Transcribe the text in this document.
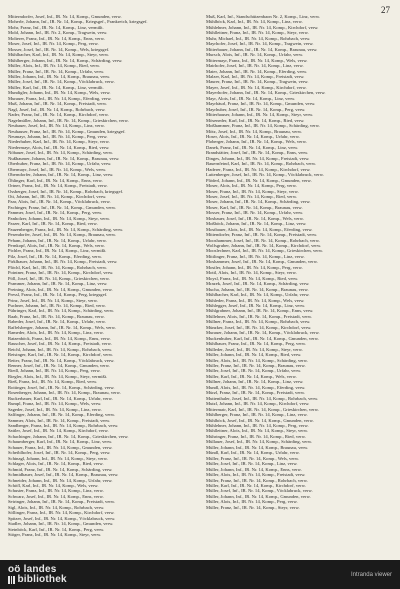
27
Mitterndorfer, Josef, Inf., IR. Nr. 14, Komp., Gmunden, verw.
Moherle, Johann, Inf., IR. Nr. 14, Komp., Kriegsgef., Frankreich, kriegsgef.
Mohr, Franz, Inf., IR. Nr. 14, Komp., Linz, vermißt.
Mold, Johann, Inf., IR. Nr. 2, Komp., Tragwein, verw.
Molterer, Franz, Inf., IR. Nr. 14, Komp., Enns, verw.
Moser, Josef, Inf., IR. Nr. 14, Komp., Perg, verw.
Mosser, Josef, Inf., IR. Nr. 14, Komp., Wels, kriegsgef.
Mühlbacher, Karl, Inf., IR. Nr. 14, Komp., Steyr, verw.
Mühlberger, Johann, Inf., IR. Nr. 14, Komp., Schärding, verw.
Müller, Alois, Inf., IR. Nr. 14, Komp., Ried, verw.
Müller, Franz, Inf., IR. Nr. 14, Komp., Urfahr, verw.
Müller, Johann, Inf., IR. Nr. 14, Komp., Braunau, verw.
Müller, Josef, Inf., IR. Nr. 14, Komp., Vöcklabruck, verw.
Müller, Karl, Inf., IR. Nr. 14, Komp., Linz, vermißt.
Mundigler, Johann, Inf., IR. Nr. 14, Komp., Wels, verw.
Murauer, Franz, Inf., IR. Nr. 14, Komp., Eferding, verw.
Muß, Johann, Inf., IR. Nr. 14, Komp., Freistadt, verw.
Nagl, Josef, Inf., IR. Nr. 14, Komp., Rohrbach, verw.
Nader, Franz, Inf., IR. Nr. 14, Komp., Kirchdorf, verw.
Nagelmüller, Johann, Inf., IR. Nr. 14, Komp., Grieskirchen, verw.
Neubauer, Josef, Inf., IR. Nr. 14, Komp., Linz, verw.
Neuhauser, Franz, Inf., IR. Nr. 14, Komp., Gmunden, kriegsgef.
Neumayr, Johann, Inf., IR. Nr. 14, Komp., Perg, verw.
Niederhuber, Karl, Inf., IR. Nr. 14, Komp., Steyr, verw.
Niedermayr, Alois, Inf., IR. Nr. 14, Komp., Ried, verw.
Nöbauer, Josef, Inf., IR. Nr. 14, Komp., Schärding, verw.
Nußbaumer, Johann, Inf., IR. Nr. 14, Komp., Braunau, verw.
Oberhuber, Franz, Inf., IR. Nr. 14, Komp., Urfahr, verw.
Obermayr, Josef, Inf., IR. Nr. 14, Komp., Wels, verw.
Oberndorfer, Johann, Inf., IR. Nr. 14, Komp., Linz, verw.
Öhlinger, Karl, Inf., IR. Nr. 14, Komp., Enns, verw.
Ortner, Franz, Inf., IR. Nr. 14, Komp., Freistadt, verw.
Ossberger, Josef, Inf., IR. Nr. 14, Komp., Rohrbach, kriegsgef.
Ott, Johann, Inf., IR. Nr. 14, Komp., Kirchdorf, verw.
Paar, Alois, Inf., IR. Nr. 14, Komp., Vöcklabruck, verw.
Pachinger, Franz, Inf., IR. Nr. 14, Komp., Gmunden, verw.
Pammer, Josef, Inf., IR. Nr. 14, Komp., Perg, verw.
Panholzer, Johann, Inf., IR. Nr. 14, Komp., Steyr, verw.
Parzer, Karl, Inf., IR. Nr. 14, Komp., Ried, verw.
Pauzenberger, Franz, Inf., IR. Nr. 14, Komp., Schärding, verw.
Pesendorfer, Josef, Inf., IR. Nr. 14, Komp., Braunau, verw.
Peham, Johann, Inf., IR. Nr. 14, Komp., Urfahr, verw.
Pernkopf, Alois, Inf., IR. Nr. 14, Komp., Wels, verw.
Pichler, Franz, Inf., IR. Nr. 14, Komp., Linz, vermißt.
Pilz, Josef, Inf., IR. Nr. 14, Komp., Eferding, verw.
Pirklbauer, Johann, Inf., IR. Nr. 14, Komp., Freistadt, verw.
Plöchl, Karl, Inf., IR. Nr. 14, Komp., Rohrbach, verw.
Pointner, Franz, Inf., IR. Nr. 14, Komp., Kirchdorf, verw.
Pöll, Josef, Inf., IR. Nr. 14, Komp., Grieskirchen, verw.
Prammer, Johann, Inf., IR. Nr. 14, Komp., Linz, verw.
Preining, Alois, Inf., IR. Nr. 14, Komp., Gmunden, verw.
Pressl, Franz, Inf., IR. Nr. 14, Komp., Perg, kriegsgef.
Prinz, Josef, Inf., IR. Nr. 14, Komp., Steyr, verw.
Puchner, Johann, Inf., IR. Nr. 14, Komp., Ried, verw.
Pühringer, Karl, Inf., IR. Nr. 14, Komp., Schärding, verw.
Raab, Franz, Inf., IR. Nr. 14, Komp., Braunau, verw.
Rabeder, Josef, Inf., IR. Nr. 14, Komp., Urfahr, verw.
Raffelsberger, Johann, Inf., IR. Nr. 14, Komp., Wels, verw.
Rameder, Alois, Inf., IR. Nr. 14, Komp., Linz, verw.
Ratzenböck, Franz, Inf., IR. Nr. 14, Komp., Enns, verw.
Rauscher, Josef, Inf., IR. Nr. 14, Komp., Freistadt, verw.
Reichl, Johann, Inf., IR. Nr. 14, Komp., Rohrbach, verw.
Reisinger, Karl, Inf., IR. Nr. 14, Komp., Kirchdorf, verw.
Reiter, Franz, Inf., IR. Nr. 14, Komp., Vöcklabruck, verw.
Renner, Josef, Inf., IR. Nr. 14, Komp., Gmunden, verw.
Riedl, Johann, Inf., IR. Nr. 14, Komp., Perg, verw.
Riegler, Alois, Inf., IR. Nr. 14, Komp., Steyr, vermißt.
Rieß, Franz, Inf., IR. Nr. 14, Komp., Ried, verw.
Roitinger, Josef, Inf., IR. Nr. 14, Komp., Schärding, verw.
Rosenberger, Johann, Inf., IR. Nr. 14, Komp., Braunau, verw.
Ruckerbauer, Karl, Inf., IR. Nr. 14, Komp., Urfahr, verw.
Rumpl, Franz, Inf., IR. Nr. 14, Komp., Wels, verw.
Sageder, Josef, Inf., IR. Nr. 14, Komp., Linz, verw.
Salfinger, Johann, Inf., IR. Nr. 14, Komp., Eferding, verw.
Sammer, Alois, Inf., IR. Nr. 14, Komp., Freistadt, verw.
Sandberger, Franz, Inf., IR. Nr. 14, Komp., Rohrbach, verw.
Sattler, Josef, Inf., IR. Nr. 14, Komp., Kirchdorf, verw.
Schachinger, Johann, Inf., IR. Nr. 14, Komp., Grieskirchen, verw.
Schaumberger, Karl, Inf., IR. Nr. 14, Komp., Linz, verw.
Schauer, Franz, Inf., IR. Nr. 14, Komp., Gmunden, verw.
Scheiblhofer, Josef, Inf., IR. Nr. 14, Komp., Perg, verw.
Schinagl, Johann, Inf., IR. Nr. 14, Komp., Steyr, verw.
Schlager, Alois, Inf., IR. Nr. 14, Komp., Ried, verw.
Schmid, Franz, Inf., IR. Nr. 14, Komp., Schärding, verw.
Schmidbauer, Josef, Inf., IR. Nr. 14, Komp., Braunau, verw.
Schneider, Johann, Inf., IR. Nr. 14, Komp., Urfahr, verw.
Schöfl, Karl, Inf., IR. Nr. 14, Komp., Wels, verw.
Schuster, Franz, Inf., IR. Nr. 14, Komp., Linz, verw.
Schwarz, Josef, Inf., IR. Nr. 14, Komp., Enns, verw.
Seiringer, Johann, Inf., IR. Nr. 14, Komp., Freistadt, verw.
Sigl, Alois, Inf., IR. Nr. 14, Komp., Rohrbach, verw.
Söllinger, Franz, Inf., IR. Nr. 14, Komp., Kirchdorf, verw.
Spitzer, Josef, Inf., IR. Nr. 14, Komp., Vöcklabruck, verw.
Stadler, Johann, Inf., IR. Nr. 14, Komp., Gmunden, verw.
Steinböck, Karl, Inf., IR. Nr. 14, Komp., Perg, verw.
Stöger, Franz, Inf., IR. Nr. 14, Komp., Steyr, verw.
Muß, Karl, Inf., Standschützenbaon Nr. 2, Komp., Linz, verw.
Mühlböck, Karl, Inf., IR. Nr. 14, Komp., Linz, verw.
Mühlehner, Johann, Inf., IR. Nr. 14, Komp., Kirchdorf, verw.
Mühlleitner, Franz, Inf., IR. Nr. 14, Komp., Steyr, verw.
Muhr, Michael, Inf., IR. Nr. 14, Komp., Rohrbach, verw.
Mayrhofer, Josef, Inf., IR. Nr. 14, Komp., Tragwein, verw.
Mitterbauer, Johann, Inf., IR. Nr. 14, Komp., Braunau, verw.
Mursch, Alois, Inf., IR. Nr. 14, Komp., Urfahr, verw.
Mittermayr, Franz, Inf., IR. Nr. 14, Komp., Wels, verw.
Mairhofer, Josef, Inf., IR. Nr. 14, Komp., Linz, verw.
Maier, Johann, Inf., IR. Nr. 14, Komp., Eferding, verw.
Malzer, Karl, Inf., IR. Nr. 14, Komp., Freistadt, verw.
Maurer, Franz, Inf., IR. Nr. 14, Komp., Tragwein, verw.
Mayer, Josef, Inf., IR. Nr. 14, Komp., Kirchdorf, verw.
Mayerhofer, Johann, Inf., IR. Nr. 14, Komp., Grieskirchen, verw.
Mayr, Alois, Inf., IR. Nr. 14, Komp., Linz, verw.
Mayrbäurl, Franz, Inf., IR. Nr. 14, Komp., Gmunden, verw.
Mayrhuber, Josef, Inf., IR. Nr. 14, Komp., Perg, verw.
Mitterhauser, Johann, Inf., IR. Nr. 14, Komp., Steyr, verw.
Möseneder, Karl, Inf., IR. Nr. 14, Komp., Ried, verw.
Moßhammer, Franz, Inf., IR. Nr. 14, Komp., Schärding, verw.
Mötz, Josef, Inf., IR. Nr. 14, Komp., Braunau, verw.
Hoser, Alois, Inf., IR. Nr. 14, Komp., Urfahr, verw.
Ploberger, Johann, Inf., IR. Nr. 14, Komp., Wels, verw.
Danek, Franz, Inf., IR. Nr. 14, Komp., Linz, verw.
Brandstätter, Josef, Inf., IR. Nr. 14, Komp., Enns, verw.
Dinges, Johann, Inf., IR. Nr. 14, Komp., Freistadt, verw.
Bauernfeind, Karl, Inf., IR. Nr. 14, Komp., Rohrbach, verw.
Haderer, Franz, Inf., IR. Nr. 14, Komp., Kirchdorf, verw.
Luttenberger, Josef, Inf., IR. Nr. 14, Komp., Vöcklabruck, verw.
Plöderl, Johann, Inf., IR. Nr. 14, Komp., Gmunden, verw.
Moser, Alois, Inf., IR. Nr. 14, Komp., Perg, verw.
Moser, Franz, Inf., IR. Nr. 14, Komp., Steyr, verw.
Moser, Josef, Inf., IR. Nr. 14, Komp., Ried, verw.
Moser, Johann, Inf., IR. Nr. 14, Komp., Schärding, verw.
Moser, Karl, Inf., IR. Nr. 14, Komp., Braunau, verw.
Mosser, Franz, Inf., IR. Nr. 14, Komp., Urfahr, verw.
Mosbauer, Josef, Inf., IR. Nr. 14, Komp., Wels, verw.
Moßböck, Johann, Inf., IR. Nr. 14, Komp., Linz, verw.
Mostbauer, Alois, Inf., IR. Nr. 14, Komp., Eferding, verw.
Mittendorfer, Franz, Inf., IR. Nr. 14, Komp., Freistadt, verw.
Mooshammer, Josef, Inf., IR. Nr. 14, Komp., Rohrbach, verw.
Wolfsgruber, Johann, Inf., IR. Nr. 14, Komp., Kirchdorf, verw.
Mooslechner, Karl, Inf., IR. Nr. 14, Komp., Grieskirchen, verw.
Mittlinger, Franz, Inf., IR. Nr. 14, Komp., Linz, verw.
Moshammer, Josef, Inf., IR. Nr. 14, Komp., Gmunden, verw.
Mostler, Johann, Inf., IR. Nr. 14, Komp., Perg, verw.
Mottl, Alois, Inf., IR. Nr. 14, Komp., Steyr, verw.
Moysl, Franz, Inf., IR. Nr. 14, Komp., Ried, verw.
Mrazek, Josef, Inf., IR. Nr. 14, Komp., Schärding, verw.
Mucha, Johann, Inf., IR. Nr. 14, Komp., Braunau, verw.
Mühlbacher, Karl, Inf., IR. Nr. 14, Komp., Urfahr, verw.
Mühleder, Franz, Inf., IR. Nr. 14, Komp., Wels, verw.
Mühlegger, Josef, Inf., IR. Nr. 14, Komp., Linz, verw.
Mühlgrabner, Johann, Inf., IR. Nr. 14, Komp., Enns, verw.
Müllehner, Alois, Inf., IR. Nr. 14, Komp., Freistadt, verw.
Müllner, Franz, Inf., IR. Nr. 14, Komp., Rohrbach, verw.
Münzker, Josef, Inf., IR. Nr. 14, Komp., Kirchdorf, verw.
Murauer, Johann, Inf., IR. Nr. 14, Komp., Vöcklabruck, verw.
Muckenhuber, Karl, Inf., IR. Nr. 14, Komp., Gmunden, verw.
Mühlbauer, Franz, Inf., IR. Nr. 14, Komp., Perg, verw.
Mülleder, Josef, Inf., IR. Nr. 14, Komp., Steyr, verw.
Müller, Johann, Inf., IR. Nr. 14, Komp., Ried, verw.
Müller, Alois, Inf., IR. Nr. 14, Komp., Schärding, verw.
Müller, Franz, Inf., IR. Nr. 14, Komp., Braunau, verw.
Müller, Josef, Inf., IR. Nr. 14, Komp., Urfahr, verw.
Müller, Karl, Inf., IR. Nr. 14, Komp., Wels, verw.
Müllner, Johann, Inf., IR. Nr. 14, Komp., Linz, verw.
Mundl, Alois, Inf., IR. Nr. 14, Komp., Eferding, verw.
Mürzl, Franz, Inf., IR. Nr. 14, Komp., Freistadt, verw.
Muttenthaler, Josef, Inf., IR. Nr. 14, Komp., Rohrbach, verw.
Mutzl, Johann, Inf., IR. Nr. 14, Komp., Kirchdorf, verw.
Mittermair, Karl, Inf., IR. Nr. 14, Komp., Grieskirchen, verw.
Mühlberger, Franz, Inf., IR. Nr. 14, Komp., Linz, verw.
Mühlböck, Josef, Inf., IR. Nr. 14, Komp., Gmunden, verw.
Mühlehner, Johann, Inf., IR. Nr. 14, Komp., Perg, verw.
Mühlleitner, Alois, Inf., IR. Nr. 14, Komp., Steyr, verw.
Mühringer, Franz, Inf., IR. Nr. 14, Komp., Ried, verw.
Müllauer, Josef, Inf., IR. Nr. 14, Komp., Schärding, verw.
Müller, Johann, Inf., IR. Nr. 14, Komp., Braunau, verw.
Mündl, Karl, Inf., IR. Nr. 14, Komp., Urfahr, verw.
Müller, Franz, Inf., IR. Nr. 14, Komp., Wels, verw.
Müller, Josef, Inf., IR. Nr. 14, Komp., Linz, verw.
Müller, Johann, Inf., IR. Nr. 14, Komp., Enns, verw.
Müller, Alois, Inf., IR. Nr. 14, Komp., Freistadt, verw.
Müller, Franz, Inf., IR. Nr. 14, Komp., Rohrbach, verw.
Müller, Karl, Inf., IR. Nr. 14, Komp., Kirchdorf, verw.
Müller, Josef, Inf., IR. Nr. 14, Komp., Vöcklabruck, verw.
Müller, Johann, Inf., IR. Nr. 14, Komp., Gmunden, verw.
Müller, Alois, Inf., IR. Nr. 14, Komp., Perg, verw.
Müller, Franz, Inf., IR. Nr. 14, Komp., Steyr, verw.
oö landes
bibliothek	Intranda viewer
